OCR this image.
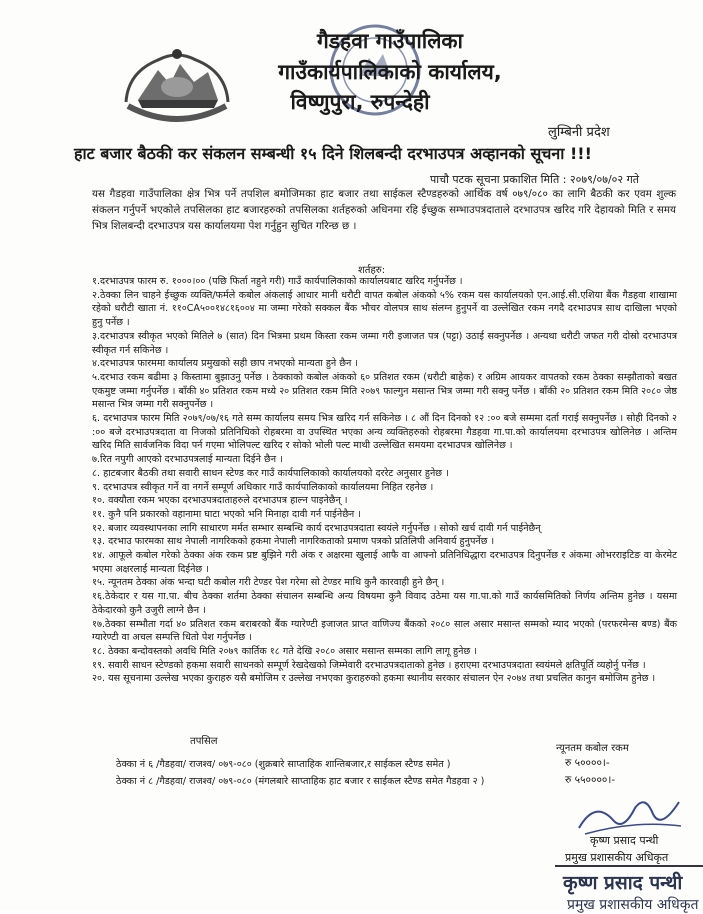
गैडहवा गाउँपालिका
गाउँकार्यपालिकाको कार्यालय,
विष्णुपुरा, रुपन्देही
लुम्बिनी प्रदेश
हाट बजार बैठकी कर संकलन सम्बन्धी १५ दिने शिलबन्दी दरभाउपत्र अव्हानको सूचना !!!
पाचौ पटक सूचना प्रकाशित मिति : २०७९/०७/०२ गते
यस गैडहवा गाउँपालिका क्षेत्र भित्र पर्ने तपशिल बमोजिमका हाट बजार तथा साईकल स्टैण्डहरुको आर्थिक वर्ष ०७९/०८० का लागि बैठकी कर एवम शुल्क संकलन गर्नुपर्ने भएकोले तपसिलका हाट बजारहरुको तपसिलका शर्तहरुको अधिनमा रहि ईच्छुक सम्भाउपत्रदाताले दरभाउपत्र खरिद गरि देहायको मिति र समय भित्र शिलबन्दी दरभाउपत्र यस कार्यालयमा पेश गर्नुहुन सुचित गरिन्छ छ ।
शर्तहरु:
१.दरभाउपत्र फारम रु. १०००।०० (पछि फिर्ता नहुने गरी) गाउँ कार्यपालिकाको कार्यालयबाट खरिद गर्नुपर्नेछ ।
२.ठेक्का लिन चाहने ईच्छुक व्यक्ति/फर्मले कबोल अंकलाई आधार मानी धरौटी वापत कबोल अंकको ५% रकम यस कार्यालयको एन.आई.सी.एशिया बैंक गैडहवा शाखामा रहेको धरौटी खाता नं. ११०CA५००१४८१६००४ मा जम्मा गरेको सक्कल बैंक भौचर वोलपत्र साथ संलग्न हुनुपर्ने वा उल्लेखित रकम नगदै दरभाउपत्र साथ दाखिला भएको हुनु पर्नेछ ।
३.दरभाउपत्र स्वीकृत भएको मितिले ७ (सात) दिन भित्रमा प्रथम किस्ता रकम जम्मा गरी इजाजत पत्र (पट्टा) उठाई सक्नुपर्नेछ । अन्यथा धरौटी जफत गरी दोस्रो दरभाउपत्र स्वीकृत गर्न सकिनेछ ।
४.दरभाउपत्र फारममा कार्यालय प्रमुखको सही छाप नभएको मान्यता हुने छैन ।
५.दरभाउ रकम बढीमा ३ किस्तामा बुझाउनु पर्नेछ । ठेक्काको कबोल अंकको ६० प्रतिशत रकम (धरौटी बाहेक) र अग्रिम आयकर वापतको रकम ठेक्का सम्झौताको बखत एकमुष्ट जम्मा गर्नुपर्नेछ । बाँकी ४० प्रतिशत रकम मध्ये २० प्रतिशत रकम मिति २०७९ फाल्गुन मसान्त भित्र जम्मा गरी सक्नु पर्नेछ । बाँकी २० प्रतिशत रकम मिति २०८० जेष्ठ मसान्त भित्र जम्मा गरी सक्नुपर्नेछ ।
६. दरभाउपत्र फारम मिति २०७९/०७/१६ गते सम्म कार्यालय समय भित्र खरिद गर्न सकिनेछ । ८ औं दिन दिनको १२ :०० बजे सम्ममा दर्ता गराई सक्नुपर्नेछ । सोही दिनको २ :०० बजे दरभाउपत्रदाता वा निजको प्रतिनिधिको रोहबरमा वा उपस्थित भएका अन्य व्यक्तिहरुको रोहबरमा गैडहवा गा.पा.को कार्यालयमा दरभाउपत्र खोलिनेछ । अन्तिम खरिद मिति सार्वजनिक विदा पर्न गएमा भोलिपल्ट खरिद र सोको भोली पल्ट माथी उल्लेखित समयमा दरभाउपत्र खोलिनेछ ।
७.रित नपुगी आएको दरभाउपत्रलाई मान्यता दिईने छैन ।
८. हाटबजार बैठकी तथा सवारी साधन स्टेण्ड कर गाउँ कार्यपालिकाको कार्यालयको दररेट अनुसार हुनेछ ।
९. दरभाउपत्र स्वीकृत गर्ने वा नगर्ने सम्पूर्ण अधिकार गाउँ कार्यपालिकाको कार्यालयमा निहित रहनेछ ।
१०. वक्यौता रकम भएका दरभाउपत्रदाताहरुले दरभाउपत्र हाल्न पाइनेछैन् ।
११. कुनै पनि प्रकारको वहानामा घाटा भएको भनि मिनाहा दावी गर्न पाईनेछैन ।
१२. बजार व्यवस्थापनका लागि साधारण मर्मत सम्भार सम्बन्धि कार्य दरभाउपत्रदाता स्वयंले गर्नुपर्नेछ । सोको खर्च दावी गर्न पाईनेछैन्
१३. दरभाउ फारमका साथ नेपाली नागरिकको हकमा नेपाली नागरिकताको प्रमाण पत्रको प्रतिलिपी अनिवार्य हुनुपर्नेछ ।
१४. आफूले कबोल गरेको ठेक्का अंक रकम प्रष्ट बुझिने गरी अंक र अक्षरमा खुलाई आफै वा आफ्नो प्रतिनिधिद्धारा दरभाउपत्र दिनुपर्नेछ र अंकमा ओभरराइटिङ वा केरमेट भएमा अक्षरलाई मान्यता दिईनेछ ।
१५. न्यूनतम ठेक्का अंक भन्दा घटी कबोल गरी टेण्डर पेश गरेमा सो टेण्डर माथि कुनै कारवाही हुने छैन् ।
१६.ठेकेदार र यस गा.पा. बीच ठेक्का शर्तमा ठेक्का संचालन सम्बन्धि अन्य विषयमा कुनै विवाद उठेमा यस गा.पा.को गाउँ कार्यसमितिको निर्णय अन्तिम हुनेछ । यसमा ठेकेदारको कुनै उजुरी लाग्ने छैन ।
१७.ठेक्का सम्भौता गर्दा ४० प्रतिशत रकम बराबरको बैंक ग्यारेण्टी इजाजत प्राप्त वाणिज्य बैंकको २०८० साल असार मसान्त सम्मको म्याद भएको (परफरमेन्स बण्ड) बैंक ग्यारेण्टी वा अचल सम्पत्ति धितो पेश गर्नुपर्नेछ ।
१८. ठेक्का बन्दोवस्तको अवधि मिति २०७९ कार्तिक १८ गते देखि २०८० असार मसान्त सम्मका लागि लागू हुनेछ ।
१९. सवारी साधन स्टेण्डको हकमा सवारी साधनको सम्पूर्ण रेखदेखको जिम्मेवारी दरभाउपत्रदाताको हुनेछ । हराएमा दरभाउपत्रदाता स्वयंमले क्षतिपूर्ति व्यहोर्नु पर्नेछ ।
२०. यस सूचनामा उल्लेख भएका कुराहरु यसै बमोजिम र उल्लेख नभएका कुराहरुको हकमा स्थानीय सरकार संचालन ऐन २०७४ तथा प्रचलित कानुन बमोजिम हुनेछ ।
तपसिल
न्यूनतम कबोल रकम
ठेक्का नं ६ /गैडहवा/ राजश्व/ ०७९-०८० (शुक्रबारे साप्ताहिक शान्तिबजार,र साईकल स्टैण्ड समेत )	रु ५००००।-
ठेक्का नं ८ /गैडहवा/ राजश्व/ ०७९-०८० (मंगलबारे साप्ताहिक हाट बजार र साईकल स्टैण्ड समेत गैडहवा २ )	रु ५५००००।-
कृष्ण प्रसाद पन्थी
प्रमुख प्रशासकीय अधिकृत
कृष्ण प्रसाद पन्थी
प्रमुख प्रशासकीय अधिकृत
